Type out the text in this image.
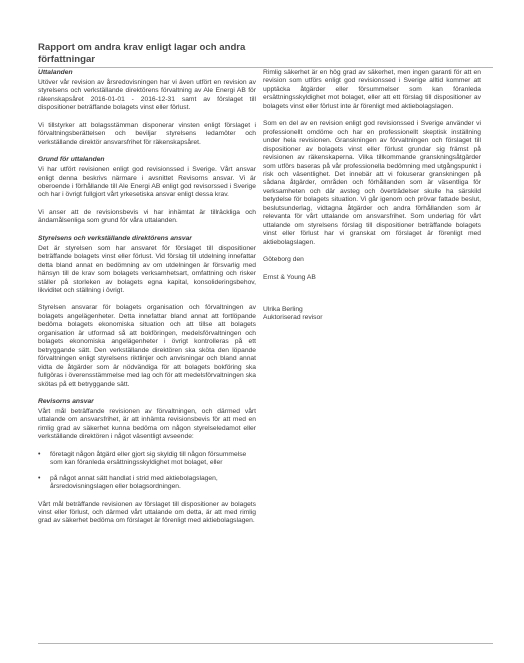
Rapport om andra krav enligt lagar och andra
författningar
Uttalanden

Utöver vår revision av årsredovisningen har vi även utfört en revision av styrelsens och verkställande direktörens förvaltning av Ale Energi AB för räkenskapsåret 2016-01-01 - 2016-12-31 samt av förslaget till dispositioner beträffande bolagets vinst eller förlust.

Vi tillstyrker att bolagsstämman disponerar vinsten enligt förslaget i förvaltningsberättelsen och beviljar styrelsens ledamöter och verkställande direktör ansvarsfrihet för räkenskapsåret.

Grund för uttalanden

Vi har utfört revisionen enligt god revisionssed i Sverige. Vårt ansvar enligt denna beskrivs närmare i avsnittet Revisorns ansvar. Vi är oberoende i förhållande till Ale Energi AB enligt god revisorssed i Sverige och har i övrigt fullgjort vårt yrkesetiska ansvar enligt dessa krav.

Vi anser att de revisionsbevis vi har inhämtat är tillräckliga och ändamålsenliga som grund för våra uttalanden.

Styrelsens och verkställande direktörens ansvar

Det är styrelsen som har ansvaret för förslaget till dispositioner beträffande bolagets vinst eller förlust. Vid förslag till utdelning innefattar detta bland annat en bedömning av om utdelningen är försvarlig med hänsyn till de krav som bolagets verksamhetsart, omfattning och risker ställer på storleken av bolagets egna kapital, konsolideringsbehov, likviditet och ställning i övrigt.

Styrelsen ansvarar för bolagets organisation och förvaltningen av bolagets angelägenheter. Detta innefattar bland annat att fortlöpande bedöma bolagets ekonomiska situation och att tillse att bolagets organisation är utformad så att bokföringen, medelsförvaltningen och bolagets ekonomiska angelägenheter i övrigt kontrolleras på ett betryggande sätt. Den verkställande direktören ska sköta den löpande förvaltningen enligt styrelsens riktlinjer och anvisningar och bland annat vidta de åtgärder som är nödvändiga för att bolagets bokföring ska fullgöras i överensstämmelse med lag och för att medelsförvaltningen ska skötas på ett betryggande sätt.

Revisorns ansvar

Vårt mål beträffande revisionen av förvaltningen, och därmed vårt uttalande om ansvarsfrihet, är att inhämta revisionsbevis för att med en rimlig grad av säkerhet kunna bedöma om någon styrelseledamot eller verkställande direktören i något väsentligt avseende:

• företagit någon åtgärd eller gjort sig skyldig till någon försummelse som kan föranleda ersättningsskyldighet mot bolaget, eller
• på något annat sätt handlat i strid med aktiebolagslagen, årsredovisningslagen eller bolagsordningen.

Vårt mål beträffande revisionen av förslaget till dispositioner av bolagets vinst eller förlust, och därmed vårt uttalande om detta, är att med rimlig grad av säkerhet bedöma om förslaget är förenligt med aktiebolagslagen.

Rimlig säkerhet är en hög grad av säkerhet, men ingen garanti för att en revision som utförs enligt god revisionssed i Sverige alltid kommer att upptäcka åtgärder eller försummelser som kan föranleda ersättningsskyldighet mot bolaget, eller att ett förslag till dispositioner av bolagets vinst eller förlust inte är förenligt med aktiebolagslagen.

Som en del av en revision enligt god revisionssed i Sverige använder vi professionellt omdöme och har en professionellt skeptisk inställning under hela revisionen. Granskningen av förvaltningen och förslaget till dispositioner av bolagets vinst eller förlust grundar sig främst på revisionen av räkenskaperna. Vilka tillkommande granskningsåtgärder som utförs baseras på vår professionella bedömning med utgångspunkt i risk och väsentlighet. Det innebär att vi fokuserar granskningen på sådana åtgärder, områden och förhållanden som är väsentliga för verksamheten och där avsteg och överträdelser skulle ha särskild betydelse för bolagets situation. Vi går igenom och prövar fattade beslut, beslutsunderlag, vidtagna åtgärder och andra förhållanden som är relevanta för vårt uttalande om ansvarsfrihet. Som underlag för vårt uttalande om styrelsens förslag till dispositioner beträffande bolagets vinst eller förlust har vi granskat om förslaget är förenligt med aktiebolagslagen.

Göteborg den

Ernst & Young AB

Ulrika Berling
Auktoriserad revisor
